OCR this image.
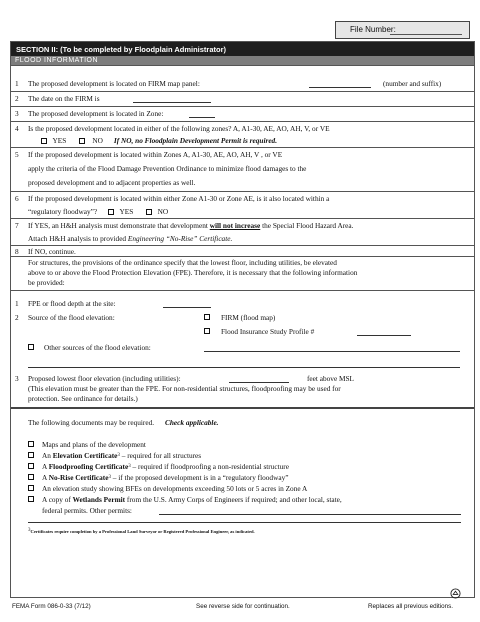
File Number:
SECTION II: (To be completed by Floodplain Administrator)
FLOOD INFORMATION
1 The proposed development is located on FIRM map panel:	(number and suffix)
2 The date on the FIRM is
3 The proposed development is located in Zone:
4 Is the proposed development located in either of the following zones? A, A1-30, AE, AO, AH, V, or VE
YES	NO If NO, no Floodplain Development Permit is required.
5 If the proposed development is located within Zones A, A1-30, AE, AO, AH, V , or VE
apply the criteria of the Flood Damage Prevention Ordinance to minimize flood damages to the
proposed development and to adjacent properties as well.
6 If the proposed development is located within either Zone A1-30 or Zone AE, is it also located within a
“regulatory floodway”?	YES	NO
7 If YES, an H&H analysis must demonstrate that development will not increase the Special Flood Hazard Area.
Attach H&H analysis to provided Engineering “No-Rise” Certificate.
8 If NO, continue.
For structures, the provisions of the ordinance specify that the lowest floor, including utilities, be elevated
above to or above the Flood Protection Elevation (FPE). Therefore, it is necessary that the following information
be provided:
1 FPE or flood depth at the site:
2 Source of the flood elevation:	FIRM (flood map)
Flood Insurance Study Profile #
Other sources of the flood elevation:
3 Proposed lowest floor elevation (including utilities):	feet above MSL
(This elevation must be greater than the FPE. For non-residential structures, floodproofing may be used for
protection. See ordinance for details.)
The following documents may be required. Check applicable.
Maps and plans of the development
An Elevation Certificate$^3$ – required for all structures
A Floodproofing Certificate$^3$ – required if floodproofing a non-residential structure
A No-Rise Certificate$^3$ – if the proposed development is in a “regulatory floodway”
An elevation study showing BFEs on developments exceeding 50 lots or 5 acres in Zone A
A copy of Wetlands Permit from the U.S. Army Corps of Engineers if required; and other local, state,
federal permits. Other permits:
$^3$Certificates require completion by a Professional Land Surveyor or Registered Professional Engineer, as indicated.
FEMA Form 086-0-33 (7/12)	See reverse side for continuation.	Replaces all previous editions.
